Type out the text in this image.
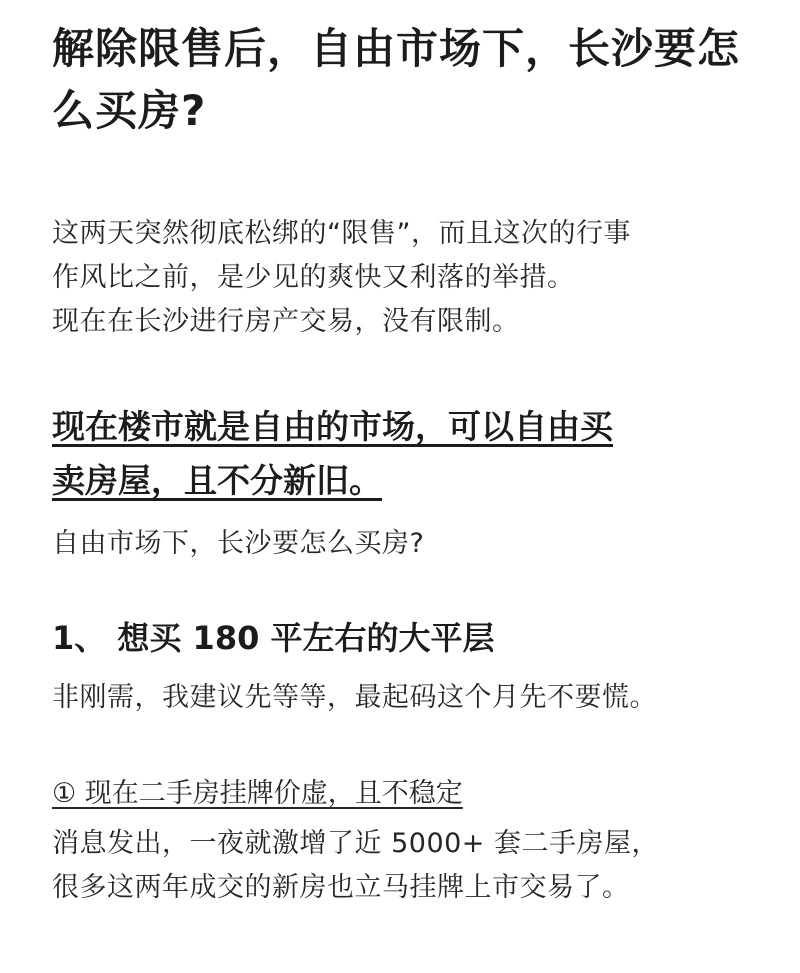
解除限售后，自由市场下，长沙要怎么买房?

这两天突然彻底松绑的“限售”，而且这次的行事
作风比之前，是少见的爽快又利落的举措。
现在在长沙进行房产交易，没有限制。

现在楼市就是自由的市场，可以自由买
卖房屋，且不分新旧。

自由市场下，长沙要怎么买房?

1、 想买 180 平左右的大平层

非刚需，我建议先等等，最起码这个月先不要慌。

① 现在二手房挂牌价虚，且不稳定

消息发出，一夜就激增了近 5000+ 套二手房屋，
很多这两年成交的新房也立马挂牌上市交易了。
